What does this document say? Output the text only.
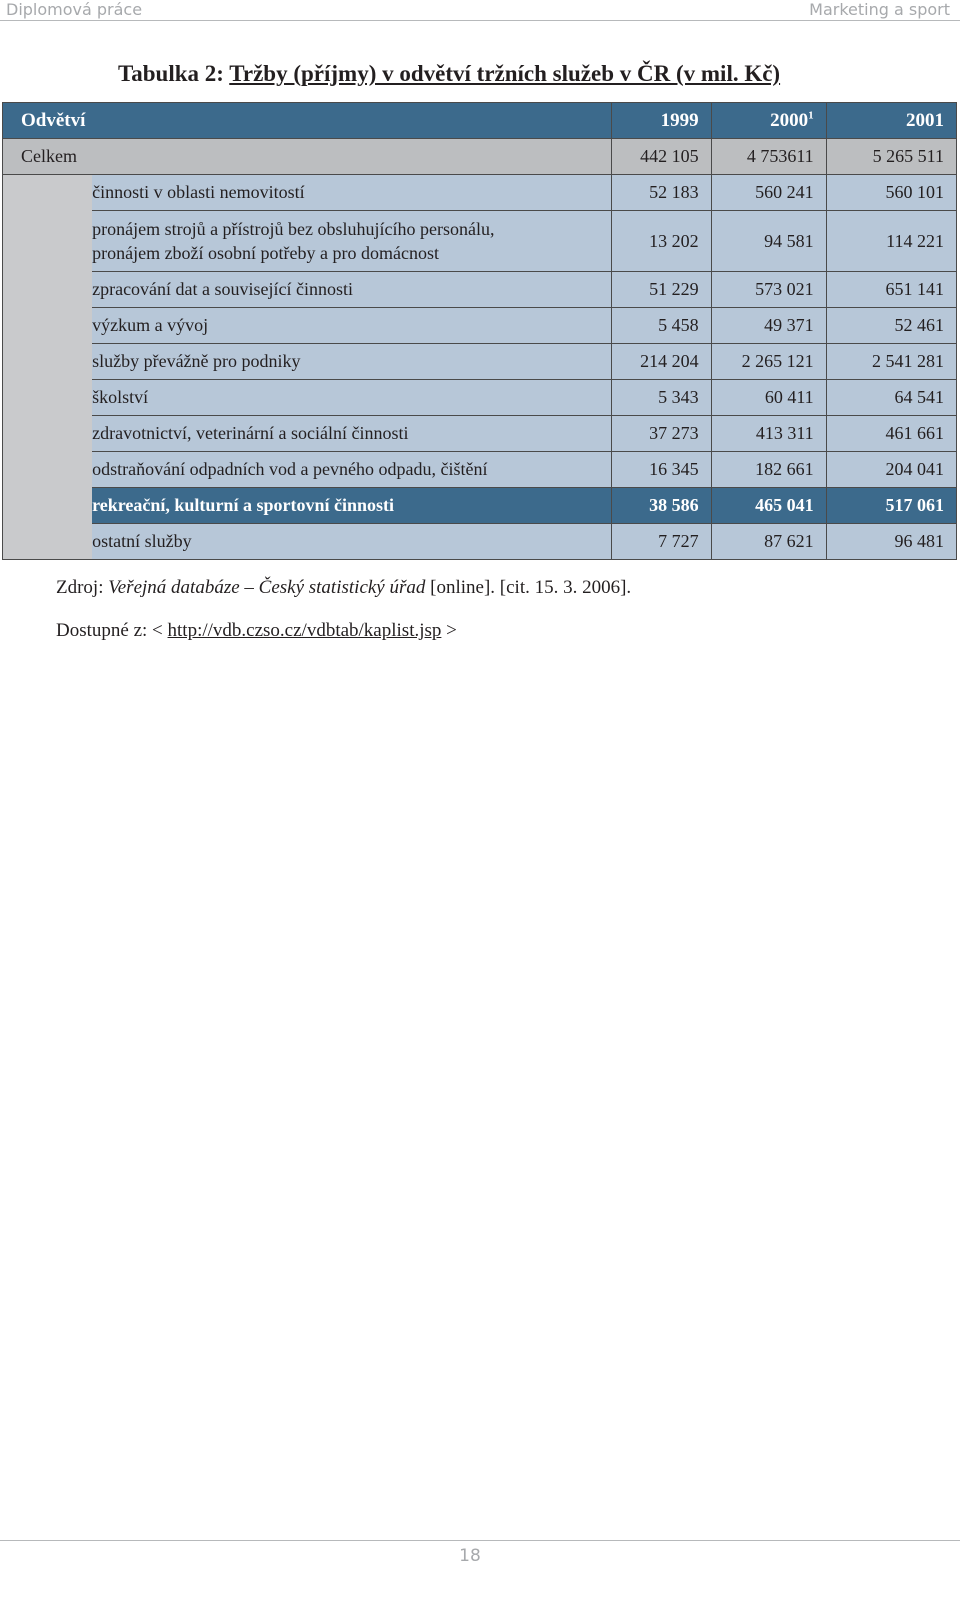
Diplomová práce	Marketing a sport
Tabulka 2: Tržby (příjmy) v odvětví tržních služeb v ČR (v mil. Kč)
Odvětví		1999	2000$^1$	2001
Celkem		442 105	4 753611	5 265 511
	činnosti v oblasti nemovitostí	52 183	560 241	560 101
	pronájem strojů a přístrojů bez obsluhujícího personálu,
pronájem zboží osobní potřeby a pro domácnost	13 202	94 581	114 221
	zpracování dat a související činnosti	51 229	573 021	651 141
	výzkum a vývoj	5 458	49 371	52 461
	služby převážně pro podniky	214 204	2 265 121	2 541 281
	školství	5 343	60 411	64 541
	zdravotnictví, veterinární a sociální činnosti	37 273	413 311	461 661
	odstraňování odpadních vod a pevného odpadu, čištění	16 345	182 661	204 041
	rekreační, kulturní a sportovní činnosti	38 586	465 041	517 061
	ostatní služby	7 727	87 621	96 481
Zdroj: Veřejná databáze – Český statistický úřad [online]. [cit. 15. 3. 2006].
Dostupné z: < http://vdb.czso.cz/vdbtab/kaplist.jsp >
18
